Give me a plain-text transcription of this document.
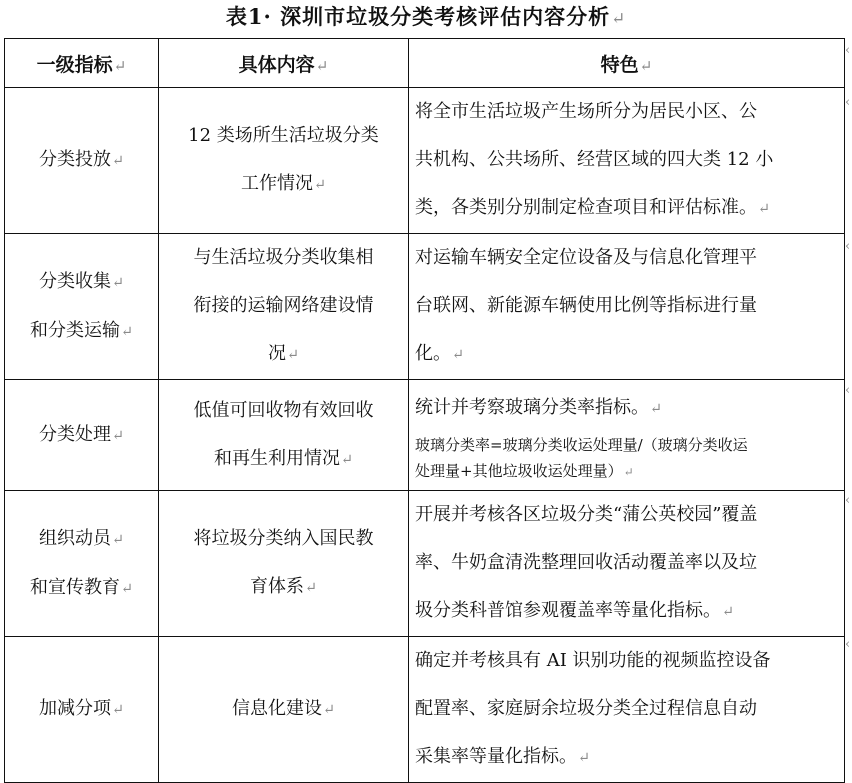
表1· 深圳市垃圾分类考核评估内容分析↵
一级指标↵	具体内容↵	特色↵
分类投放↵	12 类场所生活垃圾分类
工作情况↵	将全市生活垃圾产生场所分为居民小区、公
共机构、公共场所、经营区域的四大类 12 小
类，各类别分别制定检查项目和评估标准。↵
分类收集↵
和分类运输↵	与生活垃圾分类收集相
衔接的运输网络建设情
况↵	对运输车辆安全定位设备及与信息化管理平
台联网、新能源车辆使用比例等指标进行量
化。↵
分类处理↵	低值可回收物有效回收
和再生利用情况↵	统计并考察玻璃分类率指标。↵
玻璃分类率=玻璃分类收运处理量/（玻璃分类收运
处理量+其他垃圾收运处理量）↵

组织动员↵
和宣传教育↵	将垃圾分类纳入国民教
育体系↵	开展并考核各区垃圾分类“蒲公英校园”覆盖
率、牛奶盒清洗整理回收活动覆盖率以及垃
圾分类科普馆参观覆盖率等量化指标。↵
加减分项↵	信息化建设↵	确定并考核具有 AI 识别功能的视频监控设备
配置率、家庭厨余垃圾分类全过程信息自动
采集率等量化指标。↵
‹
‹
‹
‹
‹
‹
